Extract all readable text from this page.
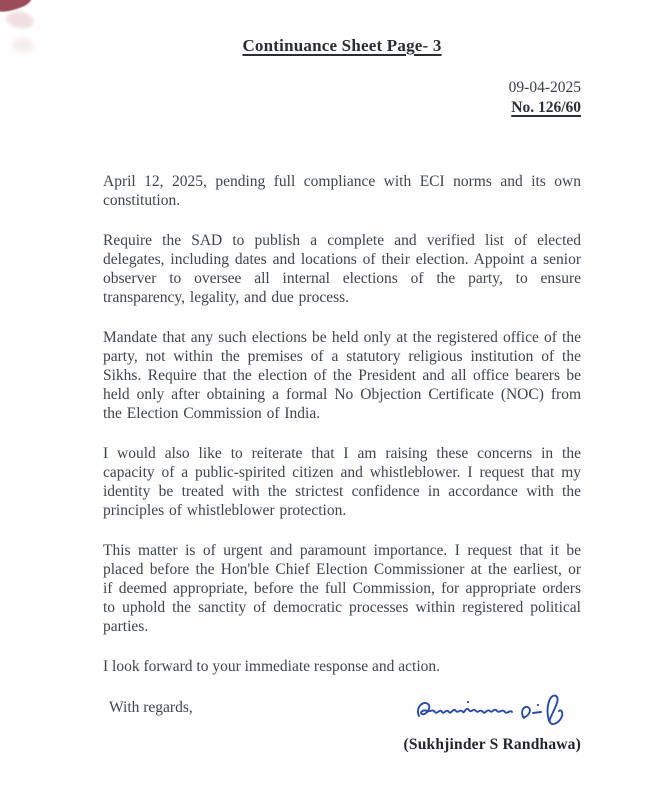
Continuance Sheet Page- 3
09-04-2025
No. 126/60

April 12, 2025, pending full compliance with ECI norms and its own constitution.

Require the SAD to publish a complete and verified list of elected delegates, including dates and locations of their election. Appoint a senior observer to oversee all internal elections of the party, to ensure transparency, legality, and due process.

Mandate that any such elections be held only at the registered office of the party, not within the premises of a statutory religious institution of the Sikhs. Require that the election of the President and all office bearers be held only after obtaining a formal No Objection Certificate (NOC) from the Election Commission of India.

I would also like to reiterate that I am raising these concerns in the capacity of a public-spirited citizen and whistleblower. I request that my identity be treated with the strictest confidence in accordance with the principles of whistleblower protection.

This matter is of urgent and paramount importance. I request that it be placed before the Hon'ble Chief Election Commissioner at the earliest, or if deemed appropriate, before the full Commission, for appropriate orders to uphold the sanctity of democratic processes within registered political parties.

I look forward to your immediate response and action.

With regards,
(Sukhjinder S Randhawa)
